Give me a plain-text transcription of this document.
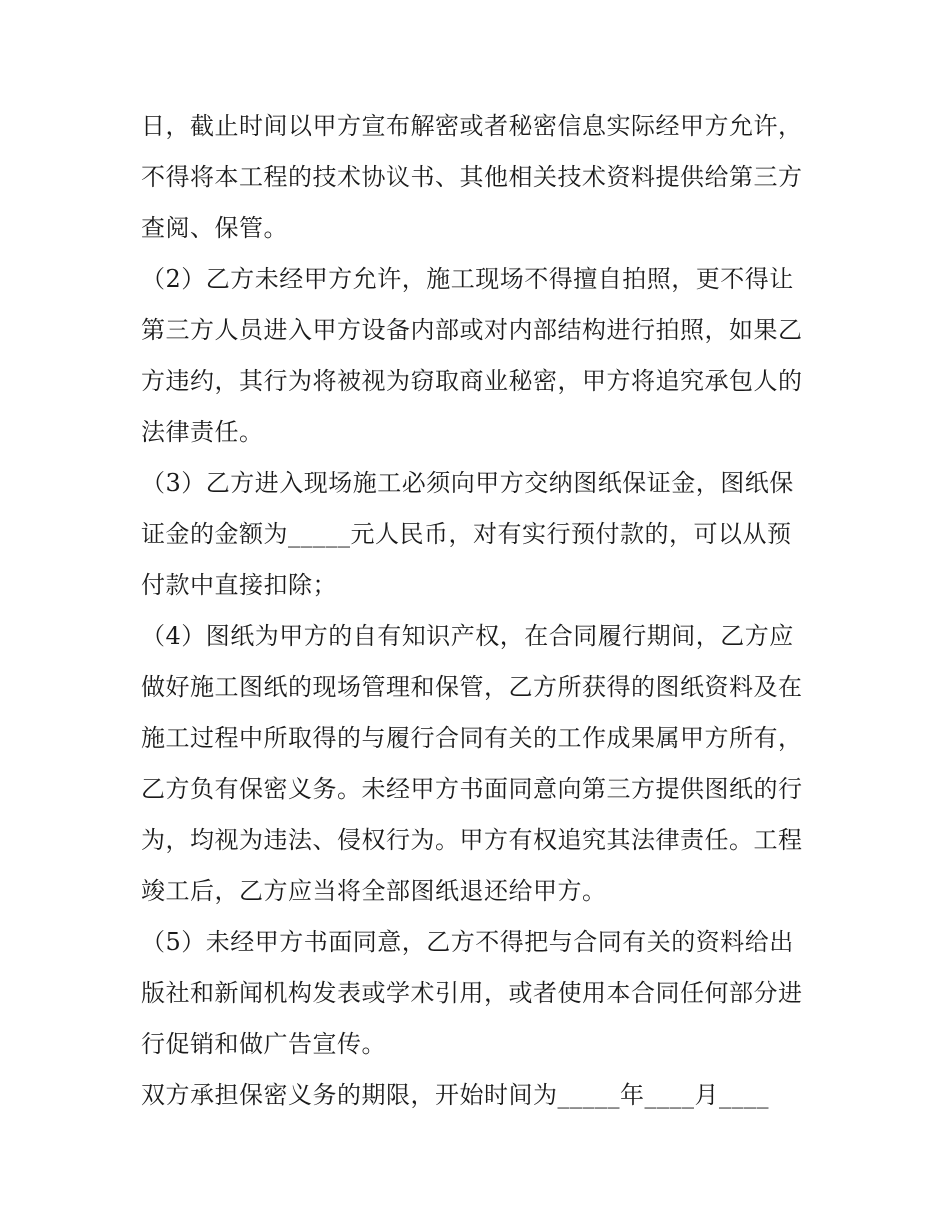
日，截止时间以甲方宣布解密或者秘密信息实际经甲方允许，
不得将本工程的技术协议书、其他相关技术资料提供给第三方
查阅、保管。
（2）乙方未经甲方允许，施工现场不得擅自拍照，更不得让
第三方人员进入甲方设备内部或对内部结构进行拍照，如果乙
方违约，其行为将被视为窃取商业秘密，甲方将追究承包人的
法律责任。
（3）乙方进入现场施工必须向甲方交纳图纸保证金，图纸保
证金的金额为_____元人民币，对有实行预付款的，可以从预
付款中直接扣除；
（4）图纸为甲方的自有知识产权，在合同履行期间，乙方应
做好施工图纸的现场管理和保管，乙方所获得的图纸资料及在
施工过程中所取得的与履行合同有关的工作成果属甲方所有，
乙方负有保密义务。未经甲方书面同意向第三方提供图纸的行
为，均视为违法、侵权行为。甲方有权追究其法律责任。工程
竣工后，乙方应当将全部图纸退还给甲方。
（5）未经甲方书面同意，乙方不得把与合同有关的资料给出
版社和新闻机构发表或学术引用，或者使用本合同任何部分进
行促销和做广告宣传。
双方承担保密义务的期限，开始时间为_____年____月____
